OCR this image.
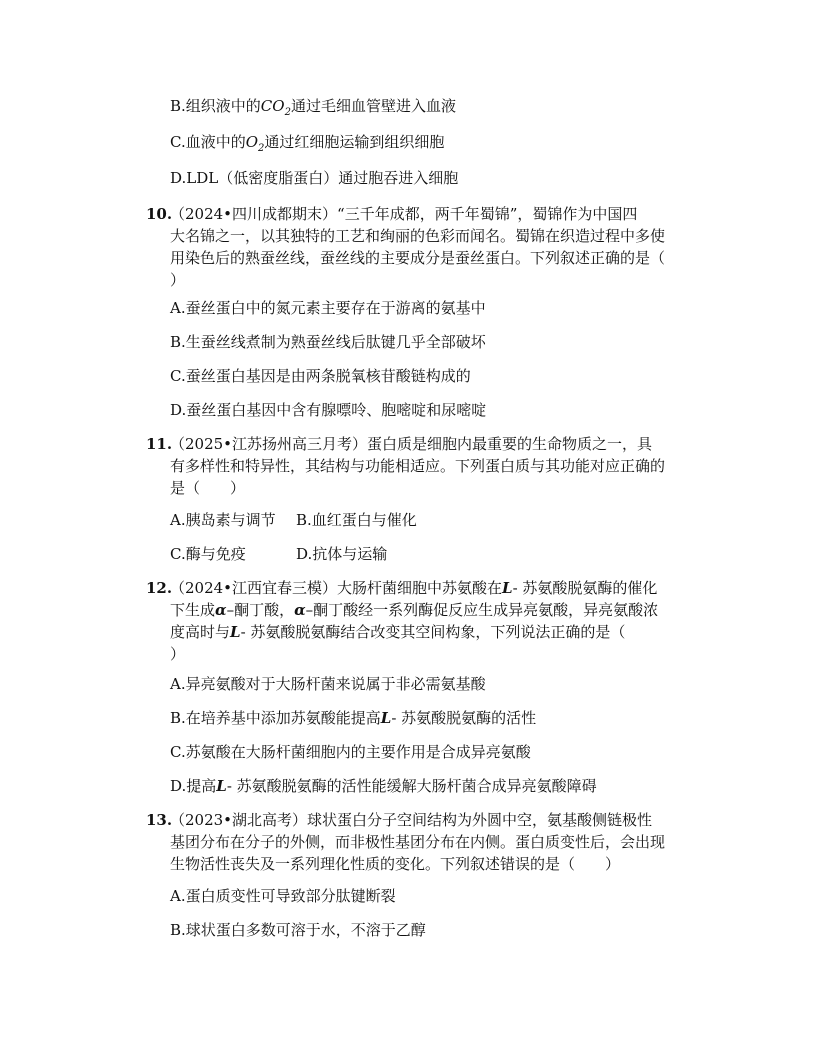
B.组织液中的$CO_2$通过毛细血管壁进入血液
C.血液中的$O_2$通过红细胞运输到组织细胞
D.LDL（低密度脂蛋白）通过胞吞进入细胞
10.
（2024•四川成都期末）“三千年成都，两千年蜀锦”，蜀锦作为中国四
大名锦之一，以其独特的工艺和绚丽的色彩而闻名。蜀锦在织造过程中多使
用染色后的熟蚕丝线，蚕丝线的主要成分是蚕丝蛋白。下列叙述正确的是（
）
A.蚕丝蛋白中的氮元素主要存在于游离的氨基中
B.生蚕丝线煮制为熟蚕丝线后肽键几乎全部破坏
C.蚕丝蛋白基因是由两条脱氧核苷酸链构成的
D.蚕丝蛋白基因中含有腺嘌呤、胞嘧啶和尿嘧啶
11.
（2025•江苏扬州高三月考）蛋白质是细胞内最重要的生命物质之一，具
有多样性和特异性，其结构与功能相适应。下列蛋白质与其功能对应正确的
是（　　）
A.胰岛素与调节 B.血红蛋白与催化
C.酶与免疫	D.抗体与运输
12.
（2024•江西宜春三模）大肠杆菌细胞中苏氨酸在L- 苏氨酸脱氨酶的催化
下生成α–酮丁酸，α–酮丁酸经一系列酶促反应生成异亮氨酸，异亮氨酸浓
度高时与L- 苏氨酸脱氨酶结合改变其空间构象，下列说法正确的是（
）
A.异亮氨酸对于大肠杆菌来说属于非必需氨基酸
B.在培养基中添加苏氨酸能提高L- 苏氨酸脱氨酶的活性
C.苏氨酸在大肠杆菌细胞内的主要作用是合成异亮氨酸
D.提高L- 苏氨酸脱氨酶的活性能缓解大肠杆菌合成异亮氨酸障碍
13.
（2023•湖北高考）球状蛋白分子空间结构为外圆中空，氨基酸侧链极性
基团分布在分子的外侧，而非极性基团分布在内侧。蛋白质变性后，会出现
生物活性丧失及一系列理化性质的变化。下列叙述错误的是（　　）
A.蛋白质变性可导致部分肽键断裂
B.球状蛋白多数可溶于水，不溶于乙醇
